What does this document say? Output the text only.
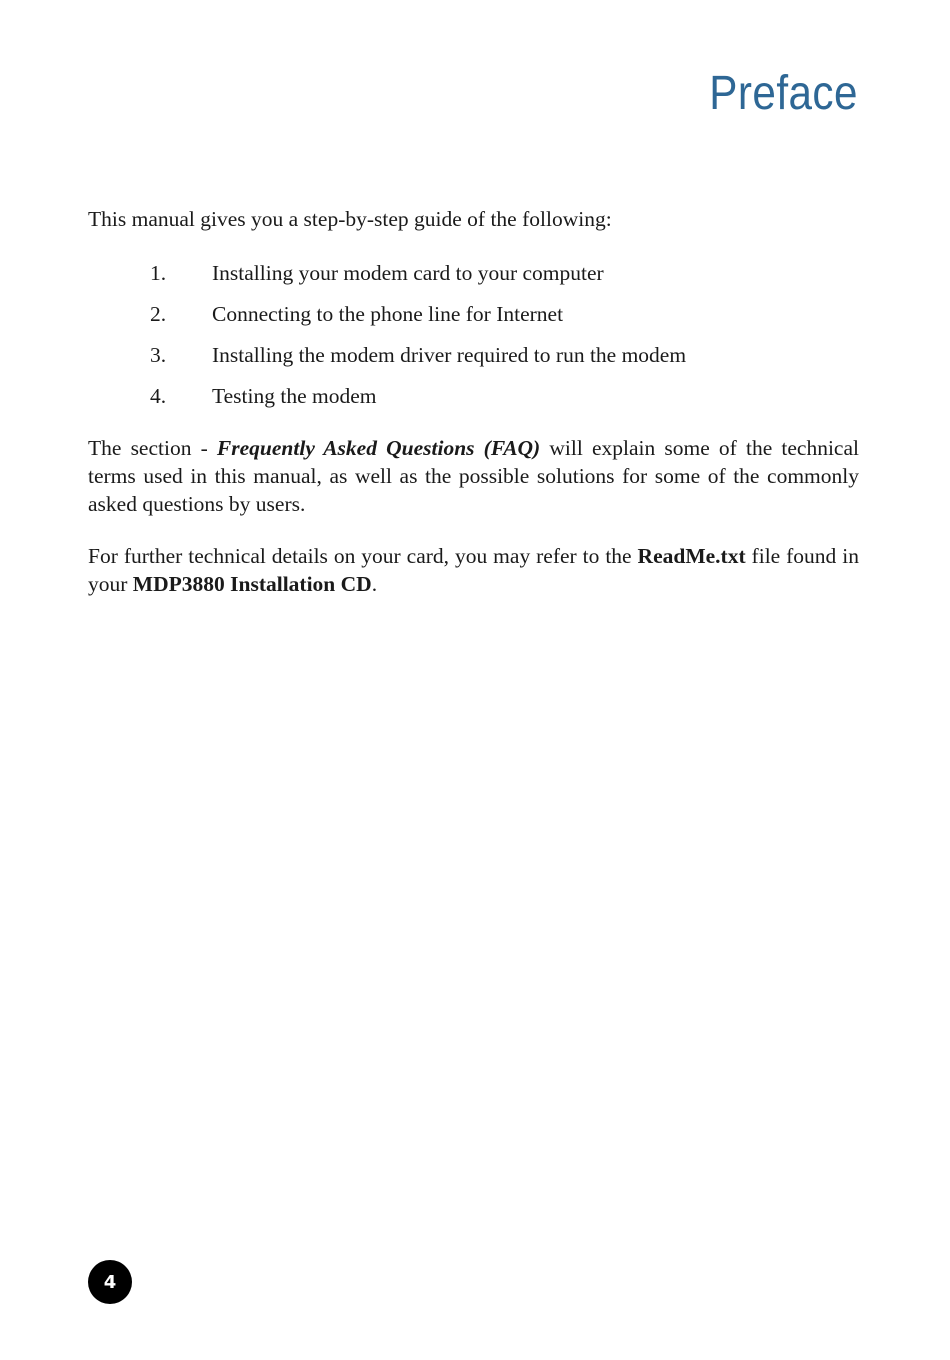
Preface

This manual gives you a step-by-step guide of the following:

1.	Installing your modem card to your computer
2.	Connecting to the phone line for Internet
3.	Installing the modem driver required to run the modem
4.	Testing the modem

The section - Frequently Asked Questions (FAQ) will explain some of the technical terms used in this manual, as well as the possible solutions for some of the commonly asked questions by users.

For further technical details on your card, you may refer to the ReadMe.txt file found in your MDP3880 Installation CD.

4
